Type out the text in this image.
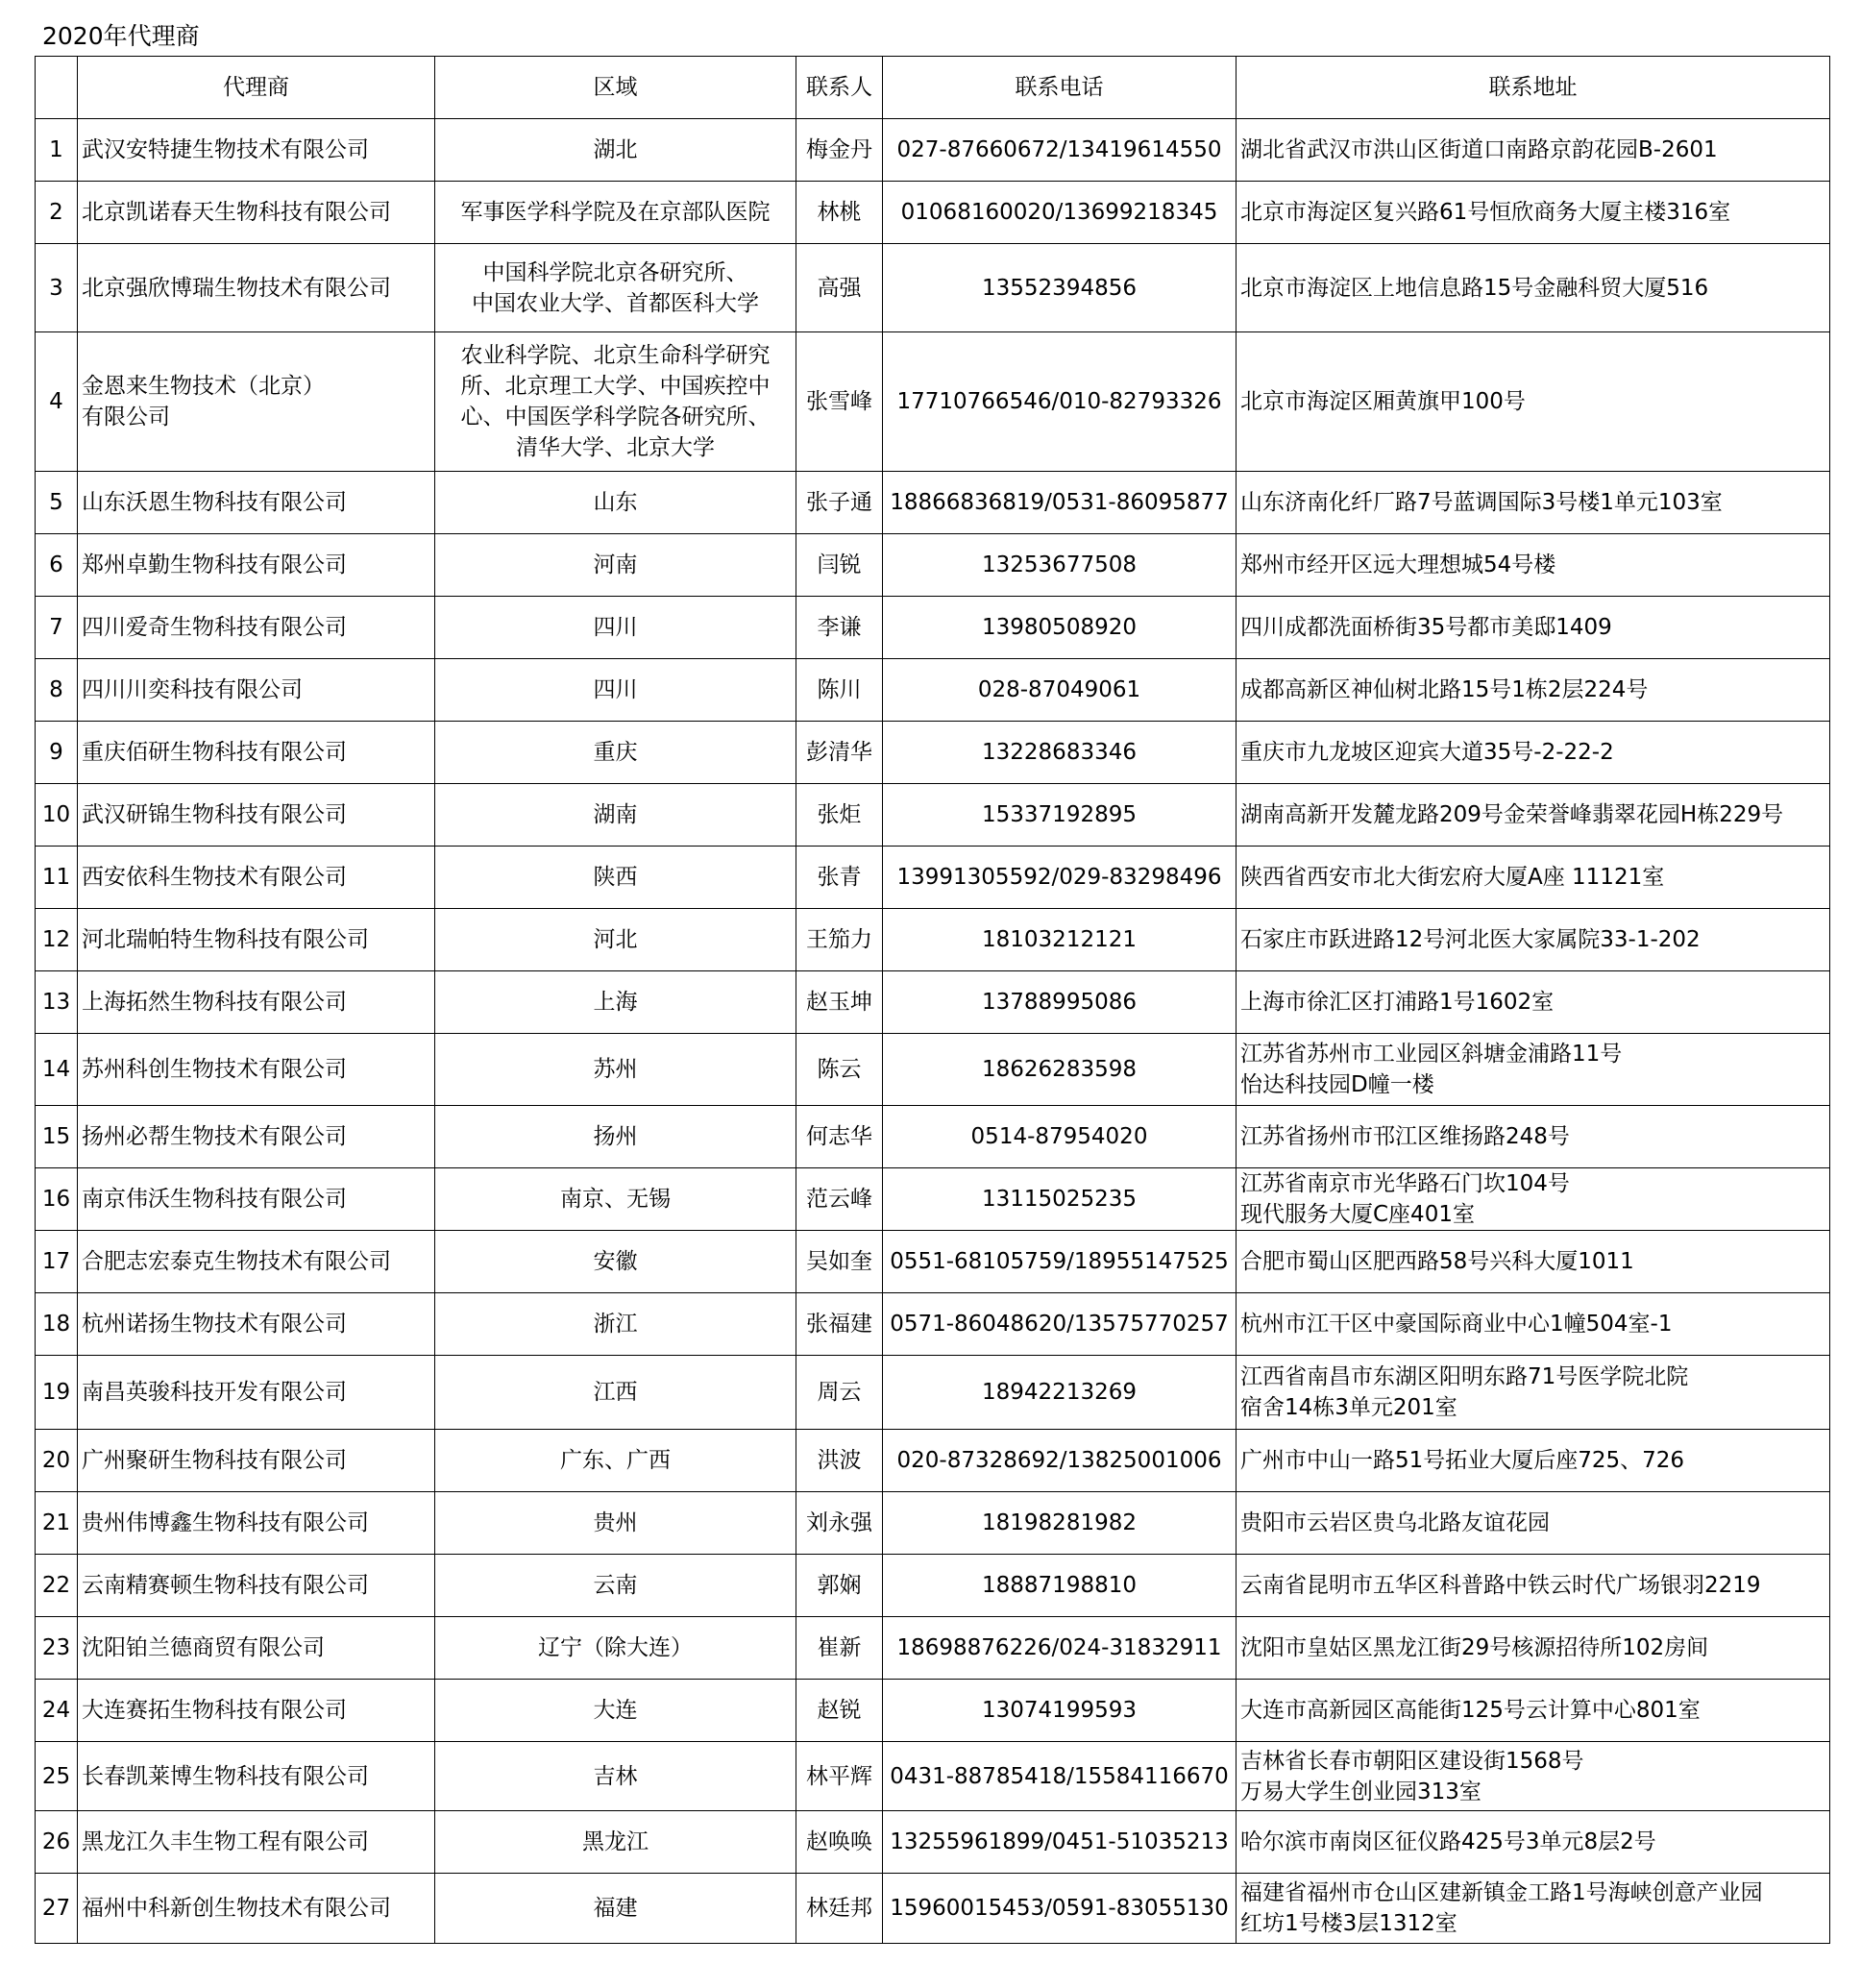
2020年代理商
	代理商	区域	联系人	联系电话	联系地址
1	武汉安特捷生物技术有限公司	湖北	梅金丹	027-87660672/13419614550	湖北省武汉市洪山区街道口南路京韵花园B-2601
2	北京凯诺春天生物科技有限公司	军事医学科学院及在京部队医院	林桃	01068160020/13699218345	北京市海淀区复兴路61号恒欣商务大厦主楼316室
3	北京强欣博瑞生物技术有限公司	中国科学院北京各研究所、
中国农业大学、首都医科大学	高强	13552394856	北京市海淀区上地信息路15号金融科贸大厦516
4	金恩来生物技术（北京）
有限公司	农业科学院、北京生命科学研究
所、北京理工大学、中国疾控中
心、中国医学科学院各研究所、
清华大学、北京大学	张雪峰	17710766546/010-82793326	北京市海淀区厢黄旗甲100号
5	山东沃恩生物科技有限公司	山东	张子通	18866836819/0531-86095877	山东济南化纤厂路7号蓝调国际3号楼1单元103室
6	郑州卓勤生物科技有限公司	河南	闫锐	13253677508	郑州市经开区远大理想城54号楼
7	四川爱奇生物科技有限公司	四川	李谦	13980508920	四川成都洗面桥街35号都市美邸1409
8	四川川奕科技有限公司	四川	陈川	028-87049061	成都高新区神仙树北路15号1栋2层224号
9	重庆佰研生物科技有限公司	重庆	彭清华	13228683346	重庆市九龙坡区迎宾大道35号-2-22-2
10	武汉研锦生物科技有限公司	湖南	张炬	15337192895	湖南高新开发麓龙路209号金荣誉峰翡翠花园H栋229号
11	西安依科生物技术有限公司	陕西	张青	13991305592/029-83298496	陕西省西安市北大街宏府大厦A座 11121室
12	河北瑞帕特生物科技有限公司	河北	王笳力	18103212121	石家庄市跃进路12号河北医大家属院33-1-202
13	上海拓然生物科技有限公司	上海	赵玉坤	13788995086	上海市徐汇区打浦路1号1602室
14	苏州科创生物技术有限公司	苏州	陈云	18626283598	江苏省苏州市工业园区斜塘金浦路11号
怡达科技园D幢一楼
15	扬州必帮生物技术有限公司	扬州	何志华	0514-87954020	江苏省扬州市邗江区维扬路248号
16	南京伟沃生物科技有限公司	南京、无锡	范云峰	13115025235	江苏省南京市光华路石门坎104号
现代服务大厦C座401室
17	合肥志宏泰克生物技术有限公司	安徽	吴如奎	0551-68105759/18955147525	合肥市蜀山区肥西路58号兴科大厦1011
18	杭州诺扬生物技术有限公司	浙江	张福建	0571-86048620/13575770257	杭州市江干区中豪国际商业中心1幢504室-1
19	南昌英骏科技开发有限公司	江西	周云	18942213269	江西省南昌市东湖区阳明东路71号医学院北院
宿舍14栋3单元201室
20	广州聚研生物科技有限公司	广东、广西	洪波	020-87328692/13825001006	广州市中山一路51号拓业大厦后座725、726
21	贵州伟博鑫生物科技有限公司	贵州	刘永强	18198281982	贵阳市云岩区贵乌北路友谊花园
22	云南精赛顿生物科技有限公司	云南	郭娴	18887198810	云南省昆明市五华区科普路中铁云时代广场银羽2219
23	沈阳铂兰德商贸有限公司	辽宁（除大连）	崔新	18698876226/024-31832911	沈阳市皇姑区黑龙江街29号核源招待所102房间
24	大连赛拓生物科技有限公司	大连	赵锐	13074199593	大连市高新园区高能街125号云计算中心801室
25	长春凯莱博生物科技有限公司	吉林	林平辉	0431-88785418/15584116670	吉林省长春市朝阳区建设街1568号
万易大学生创业园313室
26	黑龙江久丰生物工程有限公司	黑龙江	赵唤唤	13255961899/0451-51035213	哈尔滨市南岗区征仪路425号3单元8层2号
27	福州中科新创生物技术有限公司	福建	林廷邦	15960015453/0591-83055130	福建省福州市仓山区建新镇金工路1号海峡创意产业园
红坊1号楼3层1312室
